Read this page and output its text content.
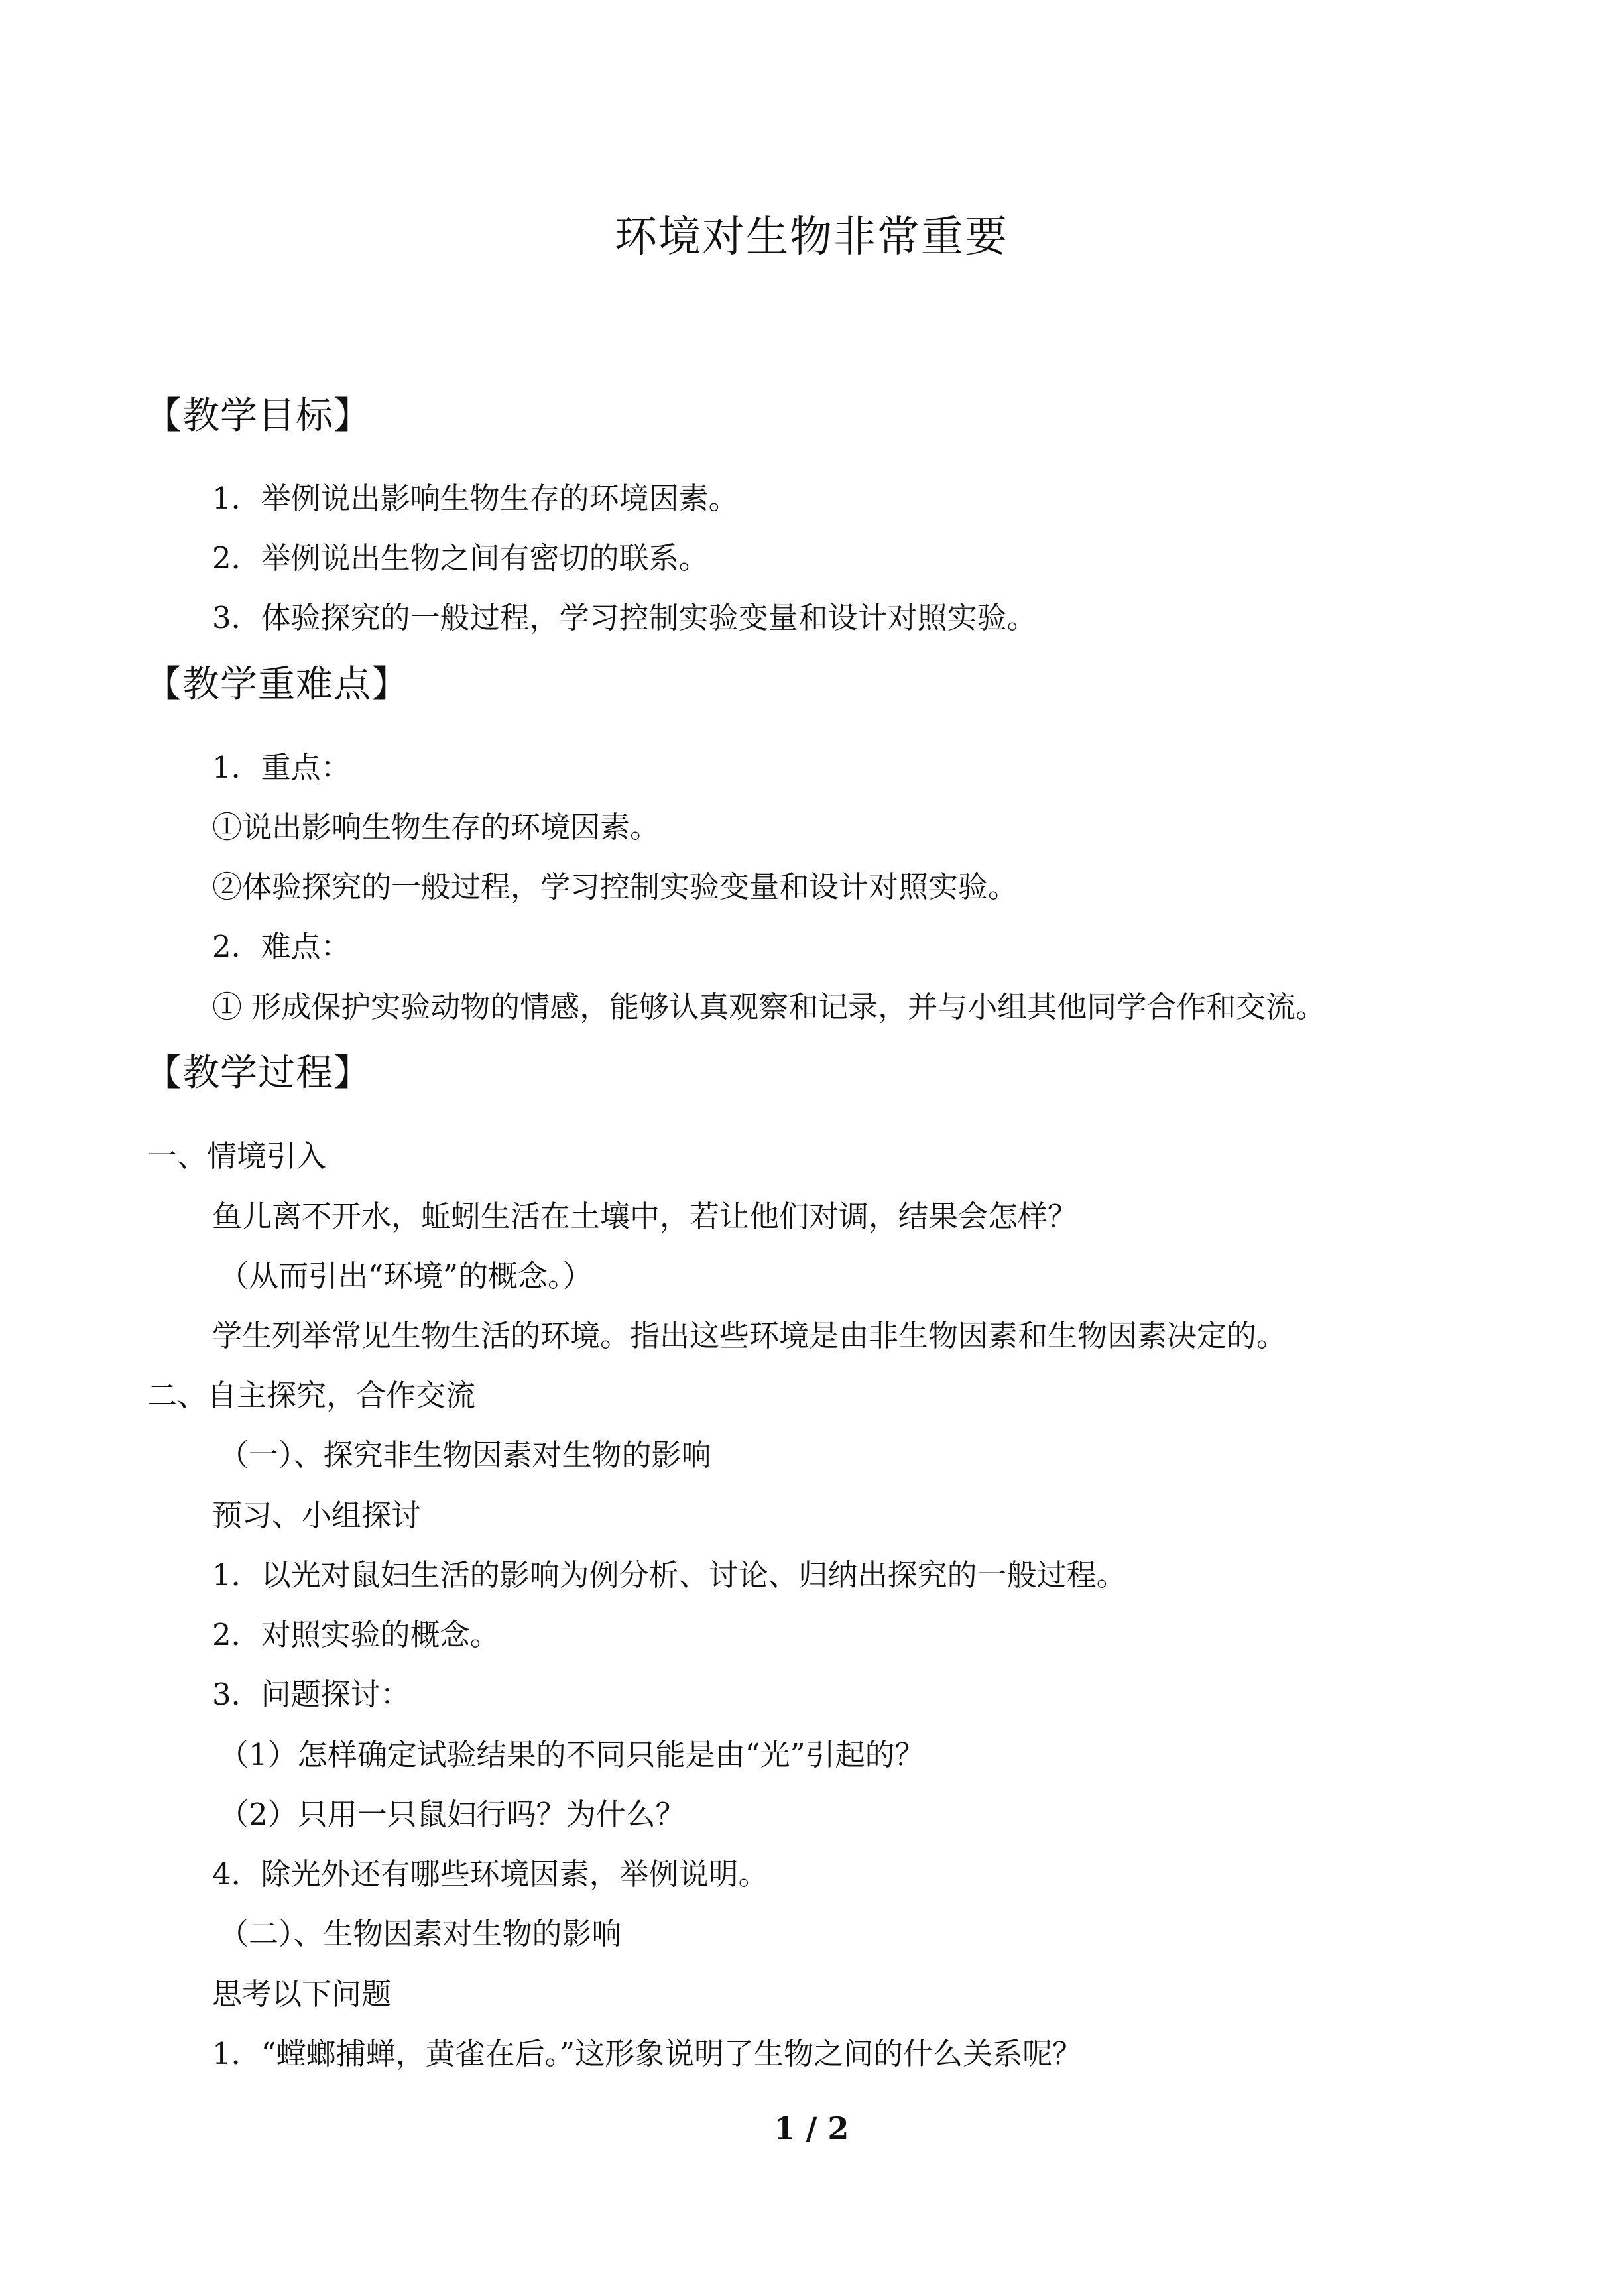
环境对生物非常重要
【教学目标】
1．举例说出影响生物生存的环境因素。
2．举例说出生物之间有密切的联系。
3．体验探究的一般过程，学习控制实验变量和设计对照实验。
【教学重难点】
1．重点：
①说出影响生物生存的环境因素。
②体验探究的一般过程，学习控制实验变量和设计对照实验。
2．难点：
① 形成保护实验动物的情感，能够认真观察和记录，并与小组其他同学合作和交流。
【教学过程】
一、情境引入
鱼儿离不开水，蚯蚓生活在土壤中，若让他们对调，结果会怎样？
（从而引出“环境”的概念。）
学生列举常见生物生活的环境。指出这些环境是由非生物因素和生物因素决定的。
二、自主探究，合作交流
（一）、探究非生物因素对生物的影响
预习、小组探讨
1．以光对鼠妇生活的影响为例分析、讨论、归纳出探究的一般过程。
2．对照实验的概念。
3．问题探讨：
（1）怎样确定试验结果的不同只能是由“光”引起的？
（2）只用一只鼠妇行吗？为什么？
4．除光外还有哪些环境因素，举例说明。
（二）、生物因素对生物的影响
思考以下问题
1．“螳螂捕蝉，黄雀在后。”这形象说明了生物之间的什么关系呢？
1 / 2
